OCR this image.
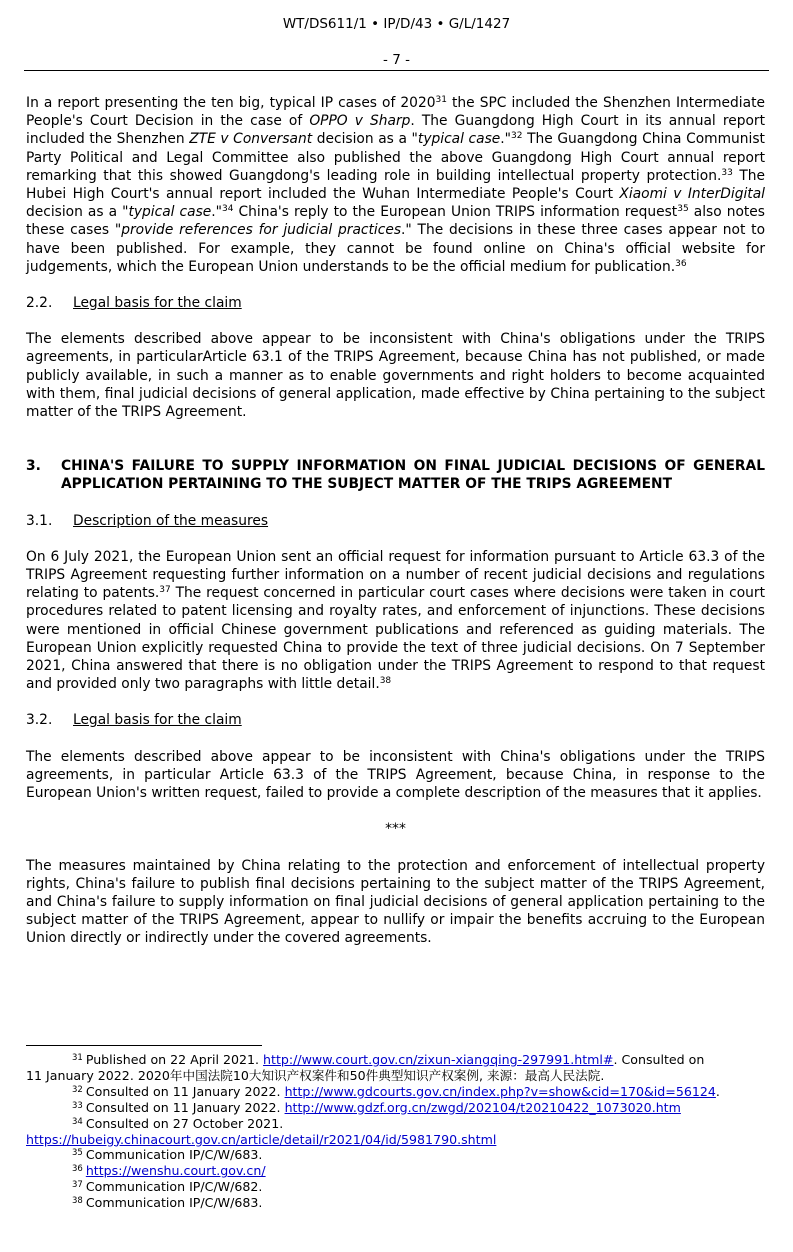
WT/DS611/1 • IP/D/43 • G/L/1427
- 7 -

In a report presenting the ten big, typical IP cases of 2020$^{31}$ the SPC included the Shenzhen Intermediate People's Court Decision in the case of OPPO v Sharp. The Guangdong High Court in its annual report included the Shenzhen ZTE v Conversant decision as a "typical case."$^{32}$ The Guangdong China Communist Party Political and Legal Committee also published the above Guangdong High Court annual report remarking that this showed Guangdong's leading role in building intellectual property protection.$^{33}$ The Hubei High Court's annual report included the Wuhan Intermediate People's Court Xiaomi v InterDigital decision as a "typical case."$^{34}$ China's reply to the European Union TRIPS information request$^{35}$ also notes these cases "provide references for judicial practices." The decisions in these three cases appear not to have been published. For example, they cannot be found online on China's official website for judgements, which the European Union understands to be the official medium for publication.$^{36}$

2.2.	Legal basis for the claim

The elements described above appear to be inconsistent with China's obligations under the TRIPS agreements, in particularArticle 63.1 of the TRIPS Agreement, because China has not published, or made publicly available, in such a manner as to enable governments and right holders to become acquainted with them, final judicial decisions of general application, made effective by China pertaining to the subject matter of the TRIPS Agreement.

3.	CHINA'S FAILURE TO SUPPLY INFORMATION ON FINAL JUDICIAL DECISIONS OF GENERAL APPLICATION PERTAINING TO THE SUBJECT MATTER OF THE TRIPS AGREEMENT

3.1.	Description of the measures

On 6 July 2021, the European Union sent an official request for information pursuant to Article 63.3 of the TRIPS Agreement requesting further information on a number of recent judicial decisions and regulations relating to patents.$^{37}$ The request concerned in particular court cases where decisions were taken in court procedures related to patent licensing and royalty rates, and enforcement of injunctions. These decisions were mentioned in official Chinese government publications and referenced as guiding materials. The European Union explicitly requested China to provide the text of three judicial decisions. On 7 September 2021, China answered that there is no obligation under the TRIPS Agreement to respond to that request and provided only two paragraphs with little detail.$^{38}$

3.2.	Legal basis for the claim

The elements described above appear to be inconsistent with China's obligations under the TRIPS agreements, in particular Article 63.3 of the TRIPS Agreement, because China, in response to the European Union's written request, failed to provide a complete description of the measures that it applies.

***

The measures maintained by China relating to the protection and enforcement of intellectual property rights, China's failure to publish final decisions pertaining to the subject matter of the TRIPS Agreement, and China's failure to supply information on final judicial decisions of general application pertaining to the subject matter of the TRIPS Agreement, appear to nullify or impair the benefits accruing to the European Union directly or indirectly under the covered agreements.

$^{31}$ Published on 22 April 2021. http://www.court.gov.cn/zixun-xiangqing-297991.html#. Consulted on

11 January 2022. 2020年中国法院10大知识产权案件和50件典型知识产权案例, 来源：最高人民法院.

$^{32}$ Consulted on 11 January 2022. http://www.gdcourts.gov.cn/index.php?v=show&cid=170&id=56124.

$^{33}$ Consulted on 11 January 2022. http://www.gdzf.org.cn/zwgd/202104/t20210422_1073020.htm

$^{34}$ Consulted on 27 October 2021.

https://hubeigy.chinacourt.gov.cn/article/detail/r2021/04/id/5981790.shtml

$^{35}$ Communication IP/C/W/683.

$^{36}$ https://wenshu.court.gov.cn/

$^{37}$ Communication IP/C/W/682.

$^{38}$ Communication IP/C/W/683.
